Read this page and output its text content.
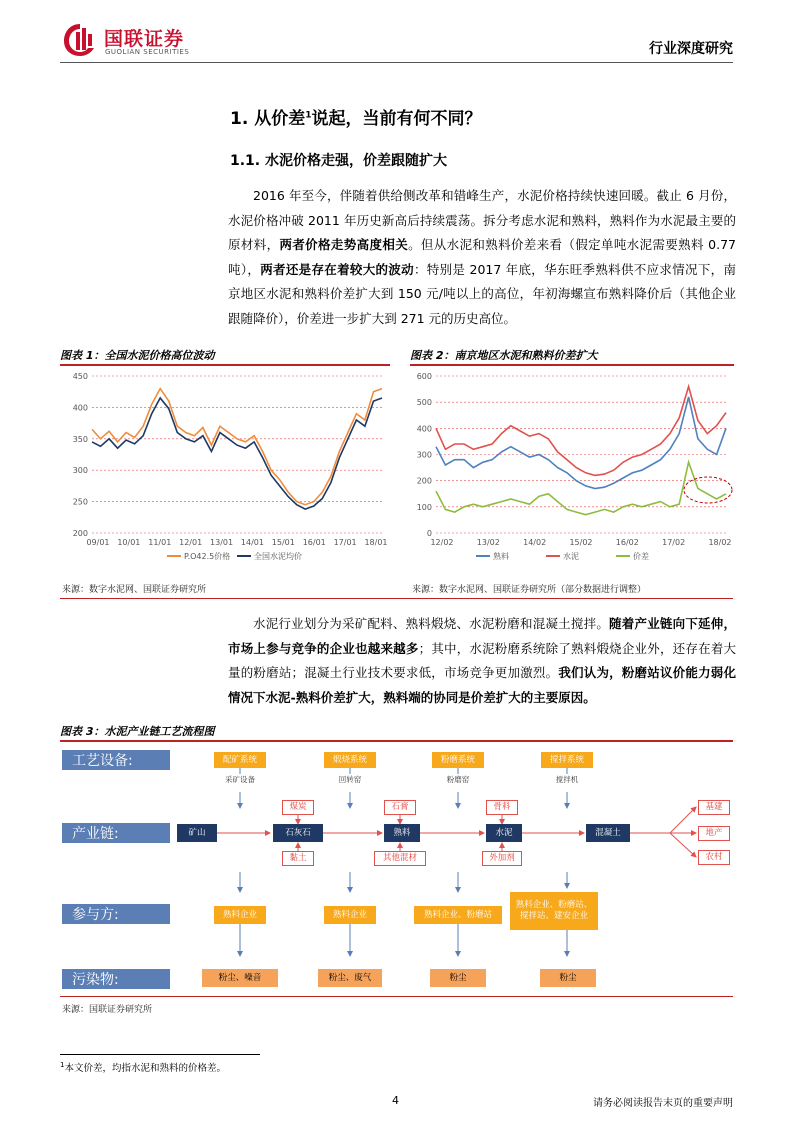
国联证券
GUOLIAN SECURITIES	行业深度研究
1. 从价差$^1$说起，当前有何不同？
1.1. 水泥价格走强，价差跟随扩大
2016 年至今，伴随着供给侧改革和错峰生产，水泥价格持续快速回暖。截止 6 月份，水泥价格冲破 2011 年历史新高后持续震荡。拆分考虑水泥和熟料，熟料作为水泥最主要的原材料，两者价格走势高度相关。但从水泥和熟料价差来看（假定单吨水泥需要熟料 0.77 吨），两者还是存在着较大的波动：特别是 2017 年底，华东旺季熟料供不应求情况下，南京地区水泥和熟料价差扩大到 150 元/吨以上的高位，年初海螺宣布熟料降价后（其他企业跟随降价），价差进一步扩大到 271 元的历史高位。
图表 1：全国水泥价格高位波动
450
400
350
300
250
200
09/01 10/01 11/01 12/01 13/01 14/01 15/01 16/01 17/01 18/01
P.O42.5价格	全国水泥均价
来源：数字水泥网、国联证券研究所
图表 2：南京地区水泥和熟料价差扩大
600
500
400
300
200
100
0
12/02	13/02	14/02	15/02	16/02	17/02	18/02
熟料	水泥	价差
来源：数字水泥网、国联证券研究所（部分数据进行调整）
水泥行业划分为采矿配料、熟料煅烧、水泥粉磨和混凝土搅拌。随着产业链向下延伸，市场上参与竞争的企业也越来越多；其中，水泥粉磨系统除了熟料煅烧企业外，还存在着大量的粉磨站；混凝土行业技术要求低，市场竞争更加激烈。我们认为，粉磨站议价能力弱化情况下水泥-熟料价差扩大，熟料端的协同是价差扩大的主要原因。
图表 3：水泥产业链工艺流程图
工艺设备:
产业链:
参与方:
污染物:
配矿系统
采矿设备
煅烧系统
回转窑
粉磨系统
粉磨窑
搅拌系统
搅拌机
煤炭
黏土
石膏
其他混材
骨料
外加剂
矿山	石灰石	熟料	水泥	混凝土
基建
地产
农村
熟料企业	熟料企业	熟料企业、粉磨站
熟料企业、粉磨站、搅拌站、建安企业
粉尘、噪音	粉尘、废气	粉尘	粉尘
来源：国联证券研究所
$^1$本文价差，均指水泥和熟料的价格差。
4	请务必阅读报告末页的重要声明
